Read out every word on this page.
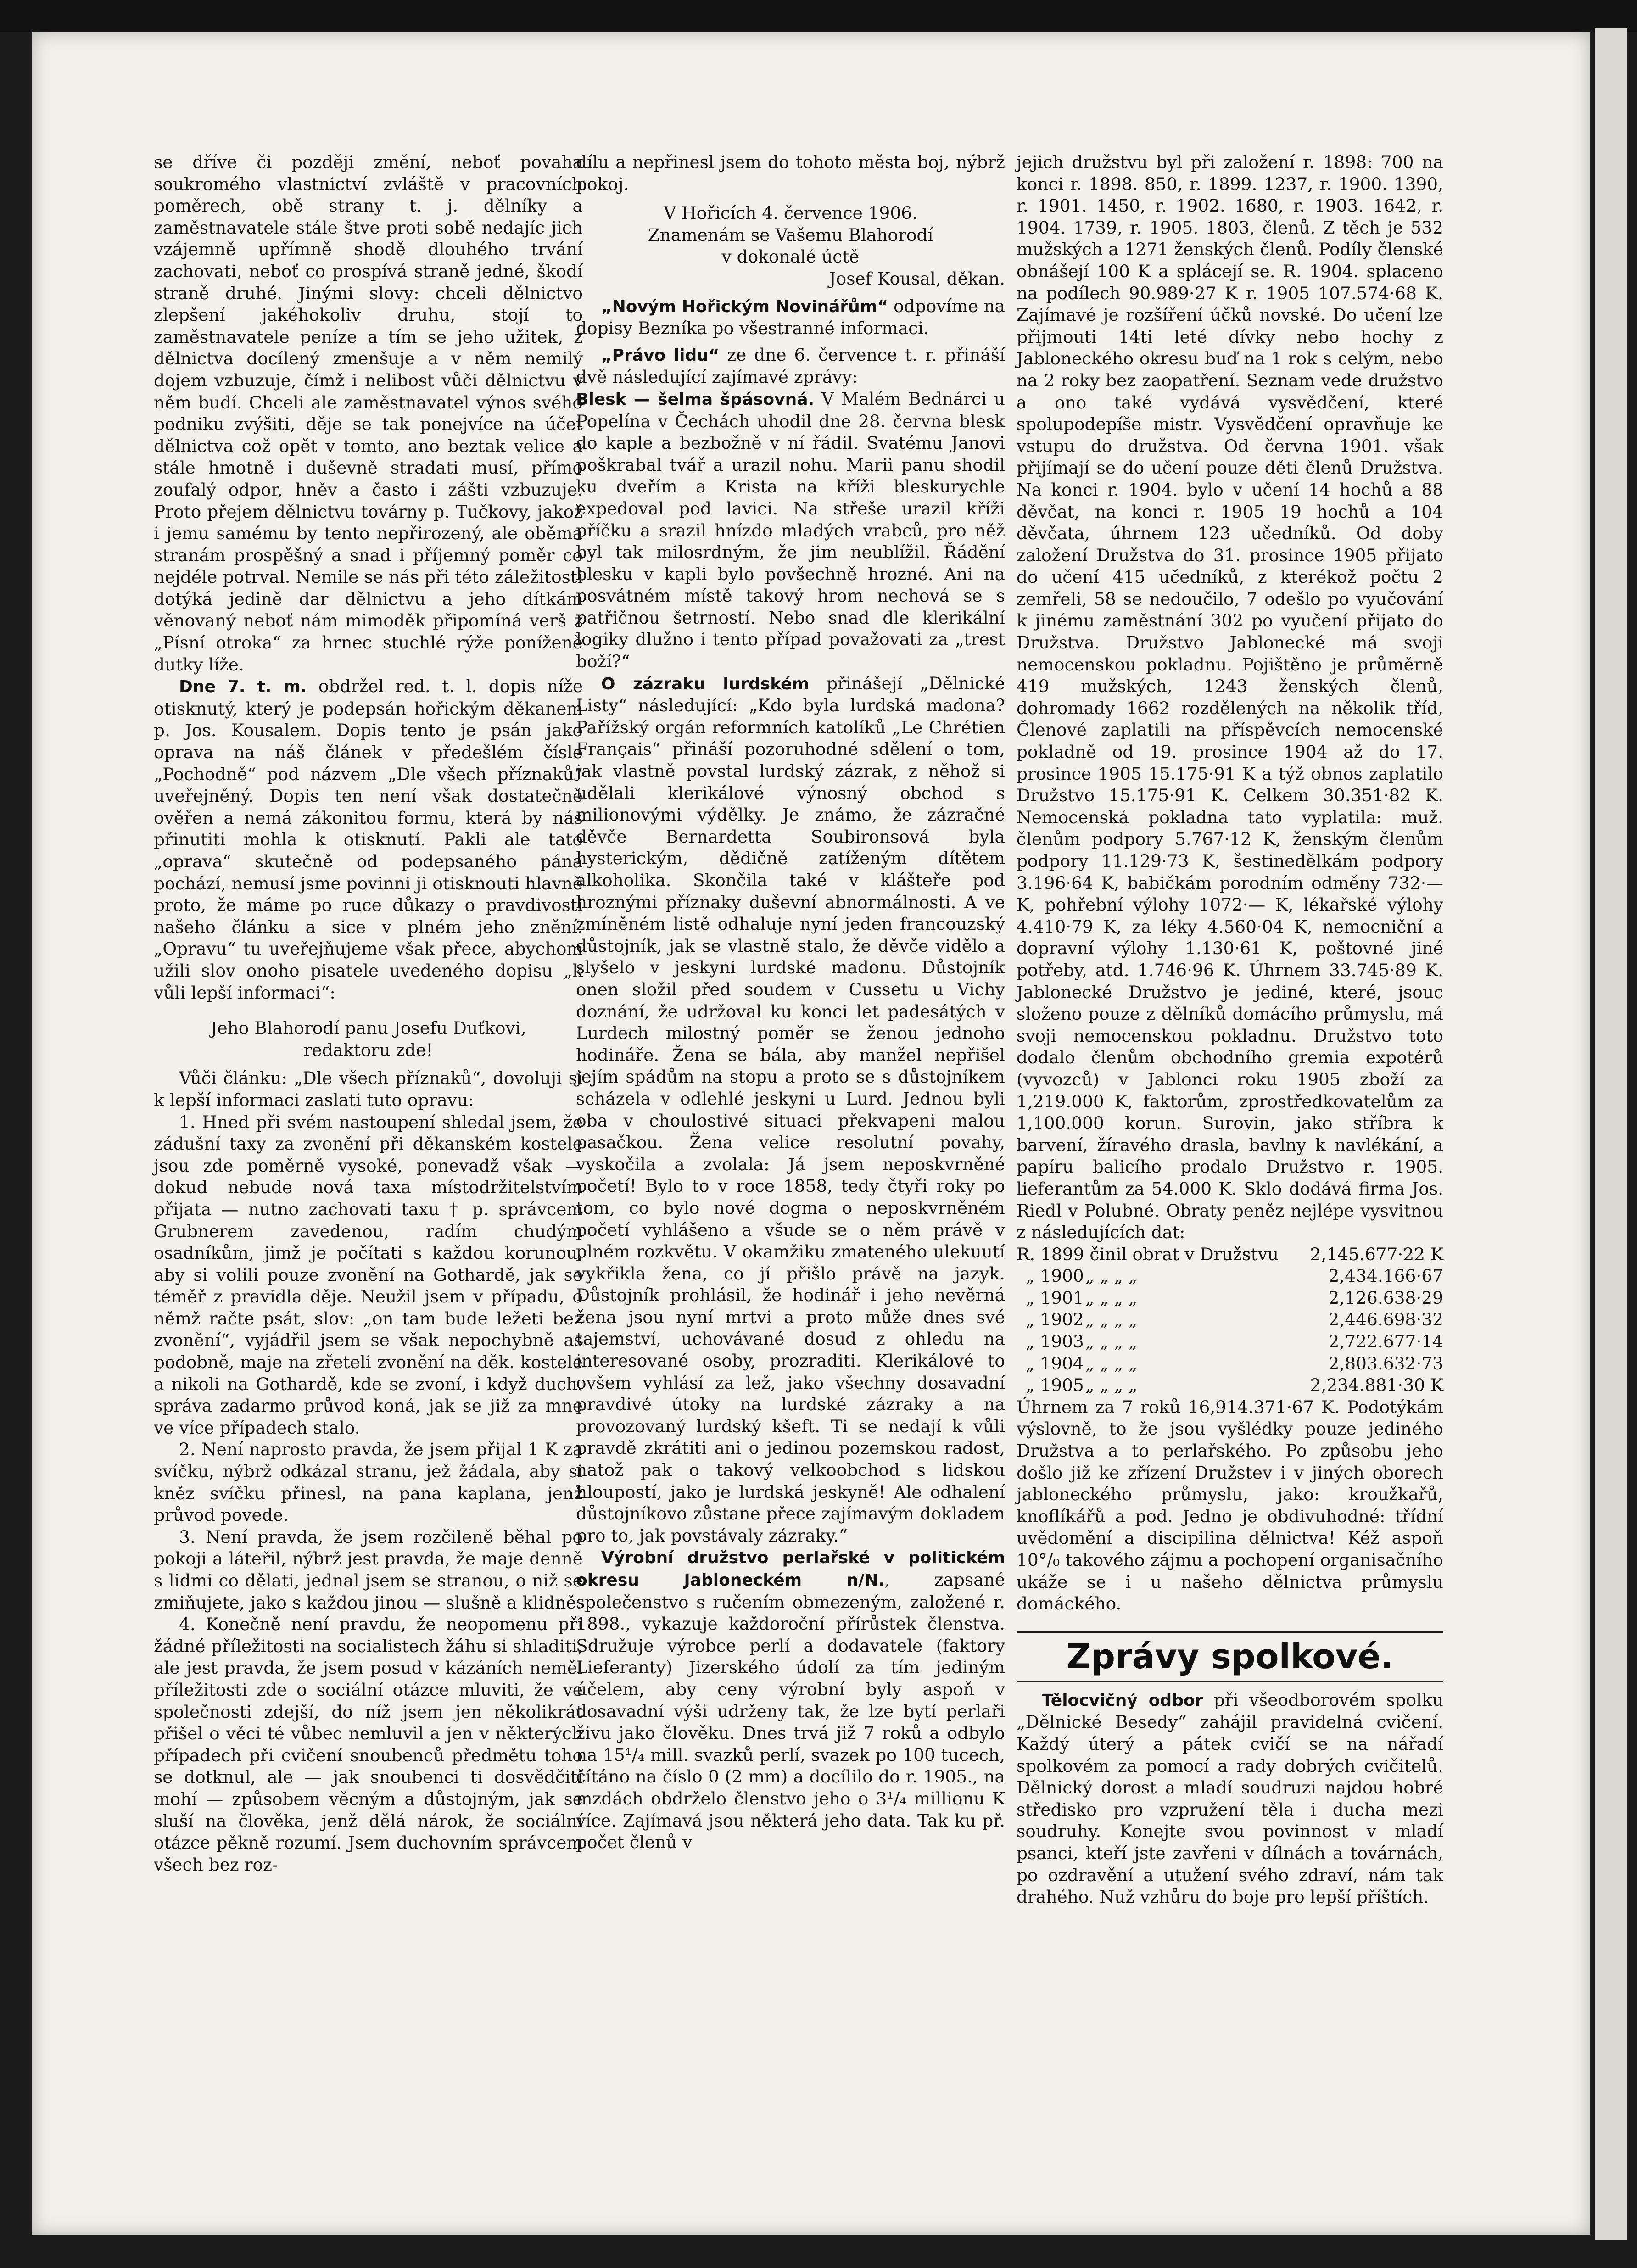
se dříve či později změní, neboť povaha soukromého vlastnictví zvláště v pracovních poměrech, obě strany t. j. dělníky a zaměstnavatele stále štve proti sobě nedajíc jich vzájemně upřímně shodě dlouhého trvání zachovati, neboť co prospívá straně jedné, škodí straně druhé. Jinými slovy: chceli dělnictvo zlepšení jakéhokoliv druhu, stojí to zaměstnavatele peníze a tím se jeho užitek, z dělnictva docílený zmenšuje a v něm nemilý dojem vzbuzuje, čímž i nelibost vůči dělnictvu v něm budí. Chceli ale zaměstnavatel výnos svého podniku zvýšiti, děje se tak ponejvíce na účet dělnictva což opět v tomto, ano beztak velice a stále hmotně i duševně stradati musí, přímo zoufalý odpor, hněv a často i zášti vzbuzuje. Proto přejem dělnictvu továrny p. Tučkovy, jakož i jemu samému by tento nepřirozený, ale oběma stranám prospěšný a snad i příjemný poměr co nejdéle potrval. Nemile se nás při této záležitosti dotýká jedině dar dělnictvu a jeho dítkám věnovaný neboť nám mimoděk připomíná verš z „Písní otroka“ za hrnec stuchlé rýže poníženě dutky líže.

Dne 7. t. m. obdržel red. t. l. dopis níže otisknutý, který je podepsán hořickým děkanem p. Jos. Kousalem. Dopis tento je psán jako oprava na náš článek v předešlém čísle „Pochodně“ pod názvem „Dle všech příznaků“ uveřejněný. Dopis ten není však dostatečně ověřen a nemá zákonitou formu, která by nás přinutiti mohla k otisknutí. Pakli ale tato „oprava“ skutečně od podepsaného pána pochází, nemusí jsme povinni ji otisknouti hlavně proto, že máme po ruce důkazy o pravdivosti našeho článku a sice v plném jeho znění. „Opravu“ tu uveřejňujeme však přece, abychom užili slov onoho pisatele uvedeného dopisu „k vůli lepší informaci“:

Jeho Blahorodí panu Josefu Duťkovi,

redaktoru zde!

Vůči článku: „Dle všech příznaků“, dovoluji si k lepší informaci zaslati tuto opravu:

1. Hned při svém nastoupení shledal jsem, že zádušní taxy za zvonění při děkanském kostele jsou zde poměrně vysoké, ponevadž však — dokud nebude nová taxa místodržitelstvím přijata — nutno zachovati taxu † p. správcem Grubnerem zavedenou, radím chudým osadníkům, jimž je počítati s každou korunou, aby si volili pouze zvonění na Gothardě, jak se téměř z pravidla děje. Neužil jsem v případu, o němž račte psát, slov: „on tam bude ležeti bez zvonění“, vyjádřil jsem se však nepochybně as podobně, maje na zřeteli zvonění na děk. kostele a nikoli na Gothardě, kde se zvoní, i když duch. správa zadarmo průvod koná, jak se již za mne ve více případech stalo.

2. Není naprosto pravda, že jsem přijal 1 K za svíčku, nýbrž odkázal stranu, jež žádala, aby si kněz svíčku přinesl, na pana kaplana, jenž průvod povede.

3. Není pravda, že jsem rozčileně běhal po pokoji a láteřil, nýbrž jest pravda, že maje denně s lidmi co dělati, jednal jsem se stranou, o niž se zmiňujete, jako s každou jinou — slušně a klidně.

4. Konečně není pravdu, že neopomenu při žádné příležitosti na socialistech žáhu si shladiti, ale jest pravda, že jsem posud v kázáních neměl příležitosti zde o sociální otázce mluviti, že ve společnosti zdejší, do níž jsem jen několikrát přišel o věci té vůbec nemluvil a jen v některých případech při cvičení snoubenců předmětu toho se dotknul, ale — jak snoubenci ti dosvědčiti mohí — způsobem věcným a důstojným, jak se sluší na člověka, jenž dělá nárok, že sociální otázce pěkně rozumí. Jsem duchovním správcem všech bez roz-

dílu a nepřinesl jsem do tohoto města boj, nýbrž pokoj.

V Hořicích 4. července 1906.

Znamenám se Vašemu Blahorodí

v dokonalé úctě

Josef Kousal, děkan.

„Novým Hořickým Novinářům“ odpovíme na dopisy Bezníka po všestranné informaci.

„Právo lidu“ ze dne 6. července t. r. přináší dvě následující zajímavé zprávy:

Blesk — šelma špásovná. V Malém Bednárci u Popelína v Čechách uhodil dne 28. června blesk do kaple a bezbožně v ní řádil. Svatému Janovi poškrabal tvář a urazil nohu. Marii panu shodil ku dveřím a Krista na kříži bleskurychle expedoval pod lavici. Na střeše urazil kříži příčku a srazil hnízdo mladých vrabců, pro něž byl tak milosrdným, že jim neublížil. Řádění blesku v kapli bylo povšechně hrozné. Ani na posvátném místě takový hrom nechová se s patřičnou šetrností. Nebo snad dle klerikální logiky dlužno i tento případ považovati za „trest boží?“

O zázraku lurdském přinášejí „Dělnické Listy“ následující: „Kdo byla lurdská madona? Pařížský orgán reformních katolíků „Le Chrétien Français“ přináší pozoruhodné sdělení o tom, jak vlastně povstal lurdský zázrak, z něhož si udělali klerikálové výnosný obchod s milionovými výdělky. Je známo, že zázračné děvče Bernardetta Soubironsová byla hysterickým, dědičně zatíženým dítětem alkoholika. Skončila také v klášteře pod hroznými příznaky duševní abnormálnosti. A ve zmíněném listě odhaluje nyní jeden francouzský důstojník, jak se vlastně stalo, že děvče vidělo a slyšelo v jeskyni lurdské madonu. Důstojník onen složil před soudem v Cussetu u Vichy doznání, že udržoval ku konci let padesátých v Lurdech milostný poměr se ženou jednoho hodináře. Žena se bála, aby manžel nepřišel jejím spádům na stopu a proto se s důstojníkem scházela v odlehlé jeskyni u Lurd. Jednou byli oba v choulostivé situaci překvapeni malou pasačkou. Žena velice resolutní povahy, vyskočila a zvolala: Já jsem neposkvrněné početí! Bylo to v roce 1858, tedy čtyři roky po tom, co bylo nové dogma o neposkvrněném početí vyhlášeno a všude se o něm právě v plném rozkvětu. V okamžiku zmateného ulekuutí vykřikla žena, co jí přišlo právě na jazyk. Důstojník prohlásil, že hodinář i jeho nevěrná žena jsou nyní mrtvi a proto může dnes své tajemství, uchovávané dosud z ohledu na interesované osoby, prozraditi. Klerikálové to ovšem vyhlásí za lež, jako všechny dosavadní pravdivé útoky na lurdské zázraky a na provozovaný lurdský kšeft. Ti se nedají k vůli pravdě zkrátiti ani o jedinou pozemskou radost, natož pak o takový velkoobchod s lidskou hloupostí, jako je lurdská jeskyně! Ale odhalení důstojníkovo zůstane přece zajímavým dokladem pro to, jak povstávaly zázraky.“

Výrobní družstvo perlařské v politickém okresu Jabloneckém n/N., zapsané společenstvo s ručením obmezeným, založené r. 1898., vykazuje každoroční přírůstek členstva. Sdružuje výrobce perlí a dodavatele (faktory Lieferanty) Jizerského údolí za tím jediným účelem, aby ceny výrobní byly aspoň v dosavadní výši udrženy tak, že lze bytí perlaři živu jako člověku. Dnes trvá již 7 roků a odbylo na 15¹/₄ mill. svazků perlí, svazek po 100 tucech, čítáno na číslo 0 (2 mm) a docílilo do r. 1905., na mzdách obdrželo členstvo jeho o 3¹/₄ millionu K více. Zajímavá jsou některá jeho data. Tak ku př. počet členů v

jejich družstvu byl při založení r. 1898: 700 na konci r. 1898. 850, r. 1899. 1237, r. 1900. 1390, r. 1901. 1450, r. 1902. 1680, r. 1903. 1642, r. 1904. 1739, r. 1905. 1803, členů. Z těch je 532 mužských a 1271 ženských členů. Podíly členské obnášejí 100 K a splácejí se. R. 1904. splaceno na podílech 90.989·27 K r. 1905 107.574·68 K. Zajímavé je rozšíření účků novské. Do učení lze přijmouti 14ti leté dívky nebo hochy z Jabloneckého okresu buď na 1 rok s celým, nebo na 2 roky bez zaopatření. Seznam vede družstvo a ono také vydává vysvědčení, které spolupodepíše mistr. Vysvědčení opravňuje ke vstupu do družstva. Od června 1901. však přijímají se do učení pouze děti členů Družstva. Na konci r. 1904. bylo v učení 14 hochů a 88 děvčat, na konci r. 1905 19 hochů a 104 děvčata, úhrnem 123 učedníků. Od doby založení Družstva do 31. prosince 1905 přijato do učení 415 učedníků, z kterékož počtu 2 zemřeli, 58 se nedoučilo, 7 odešlo po vyučování k jinému zaměstnání 302 po vyučení přijato do Družstva. Družstvo Jablonecké má svoji nemocenskou pokladnu. Pojištěno je průměrně 419 mužských, 1243 ženských členů, dohromady 1662 rozdělených na několik tříd, Členové zaplatili na příspěvcích nemocenské pokladně od 19. prosince 1904 až do 17. prosince 1905 15.175·91 K a týž obnos zaplatilo Družstvo 15.175·91 K. Celkem 30.351·82 K. Nemocenská pokladna tato vyplatila: muž. členům podpory 5.767·12 K, ženským členům podpory 11.129·73 K, šestinedělkám podpory 3.196·64 K, babičkám porodním odměny 732·— K, pohřební výlohy 1072·— K, lékařské výlohy 4.410·79 K, za léky 4.560·04 K, nemocniční a dopravní výlohy 1.130·61 K, poštovné jiné potřeby, atd. 1.746·96 K. Úhrnem 33.745·89 K. Jablonecké Družstvo je jediné, které, jsouc složeno pouze z dělníků domácího průmyslu, má svoji nemocenskou pokladnu. Družstvo toto dodalo členům obchodního gremia expotérů (vyvozců) v Jablonci roku 1905 zboží za 1,219.000 K, faktorům, zprostředkovatelům za 1,100.000 korun. Surovin, jako stříbra k barvení, žíravého drasla, bavlny k navlékání, a papíru balicího prodalo Družstvo r. 1905. lieferantům za 54.000 K. Sklo dodává firma Jos. Riedl v Polubné. Obraty peněz nejlépe vysvitnou z následujících dat:

R. 1899 činil obrat v Družstvu	2,145.677·22 K
„ 1900	„ „ „ „	2,434.166·67
„ 1901	„ „ „ „	2,126.638·29
„ 1902	„ „ „ „	2,446.698·32
„ 1903	„ „ „ „	2,722.677·14
„ 1904	„ „ „ „	2,803.632·73
„ 1905	„ „ „ „	2,234.881·30 K

Úhrnem za 7 roků 16,914.371·67 K. Podotýkám výslovně, to že jsou vyšlédky pouze jediného Družstva a to perlařského. Po způsobu jeho došlo již ke zřízení Družstev i v jiných oborech jabloneckého průmyslu, jako: kroužkařů, knoflíkářů a pod. Jedno je obdivuhodné: třídní uvědomění a discipilina dělnictva! Kéž aspoň 10°/₀ takového zájmu a pochopení organisačního ukáže se i u našeho dělnictva průmyslu domáckého.

Zprávy spolkové.

Tělocvičný odbor při všeodborovém spolku „Dělnické Besedy“ zahájil pravidelná cvičení. Každý úterý a pátek cvičí se na nářadí spolkovém za pomocí a rady dobrých cvičitelů. Dělnický dorost a mladí soudruzi najdou hobré středisko pro vzpružení těla i ducha mezi soudruhy. Konejte svou povinnost v mladí psanci, kteří jste zavřeni v dílnách a továrnách, po ozdravění a utužení svého zdraví, nám tak drahého. Nuž vzhůru do boje pro lepší příštích.
